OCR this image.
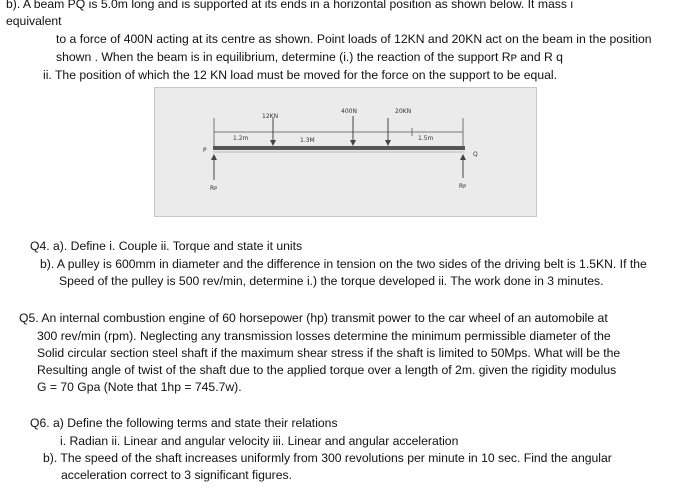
b). A beam PQ is 5.0m long and is supported at its ends in a horizontal position as shown below. It mass i
equivalent
to a force of 400N acting at its centre as shown. Point loads of 12KN and 20KN act on the beam in the position
shown . When the beam is in equilibrium, determine (i.) the reaction of the support Rᴘ and R q
ii. The position of which the 12 KN load must be moved for the force on the support to be equal.
12KN
400N	20KN
1.2m	1.3M	1.5m
P
Q
Rᴘ	Rᴘ
Q4. a). Define i. Couple ii. Torque and state it units
b). A pulley is 600mm in diameter and the difference in tension on the two sides of the driving belt is 1.5KN. If the
Speed of the pulley is 500 rev/min, determine i.) the torque developed ii. The work done in 3 minutes.
Q5. An internal combustion engine of 60 horsepower (hp) transmit power to the car wheel of an automobile at
300 rev/min (rpm). Neglecting any transmission losses determine the minimum permissible diameter of the
Solid circular section steel shaft if the maximum shear stress if the shaft is limited to 50Mps. What will be the
Resulting angle of twist of the shaft due to the applied torque over a length of 2m. given the rigidity modulus
G = 70 Gpa (Note that 1hp = 745.7w).
Q6. a) Define the following terms and state their relations
i. Radian ii. Linear and angular velocity iii. Linear and angular acceleration
b). The speed of the shaft increases uniformly from 300 revolutions per minute in 10 sec. Find the angular
acceleration correct to 3 significant figures.
